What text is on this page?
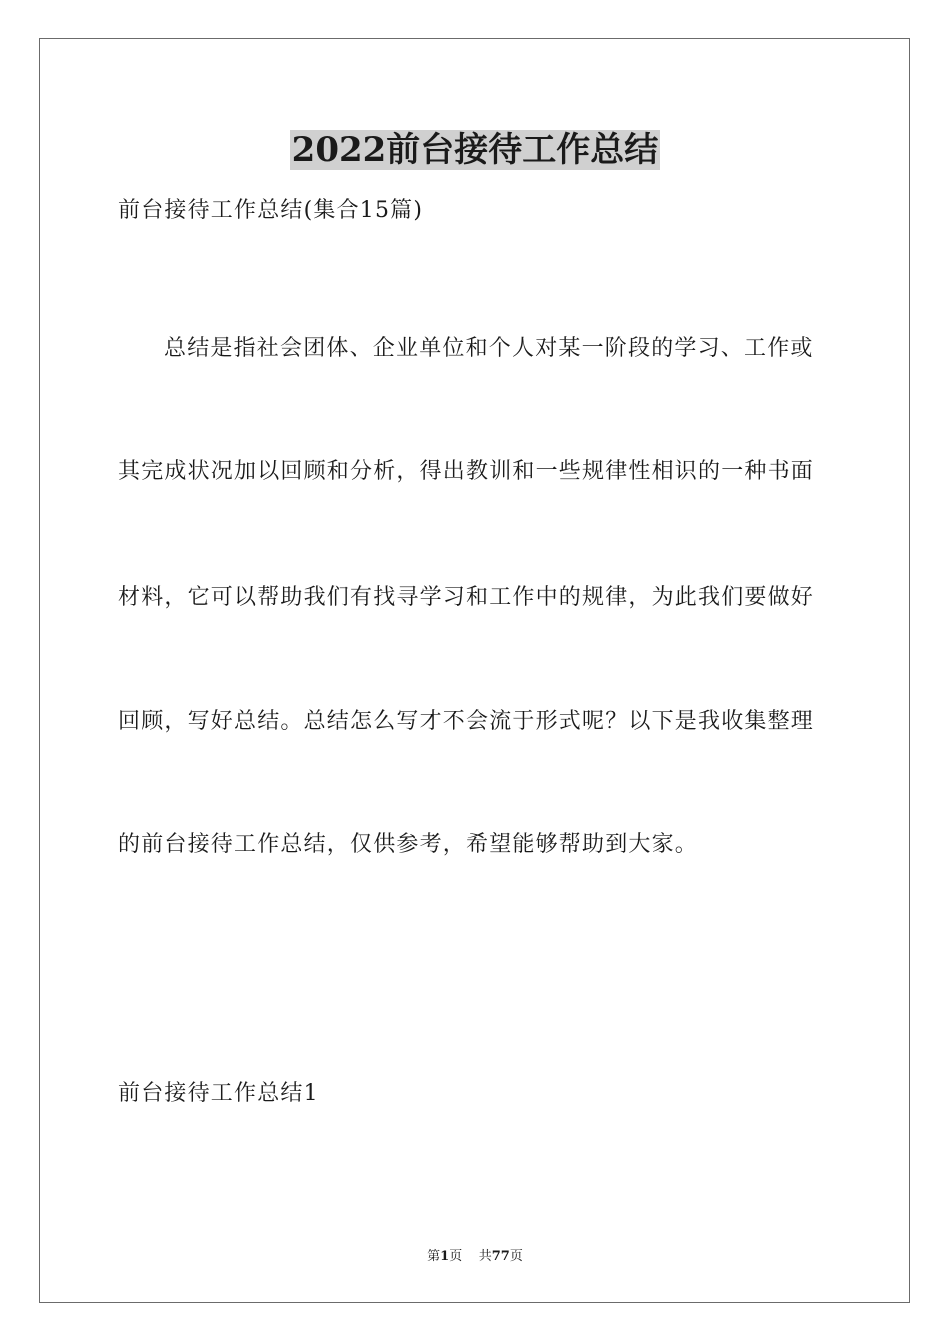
2022前台接待工作总结
前台接待工作总结(集合15篇)
总结是指社会团体、企业单位和个人对某一阶段的学习、工作或
其完成状况加以回顾和分析，得出教训和一些规律性相识的一种书面
材料，它可以帮助我们有找寻学习和工作中的规律，为此我们要做好
回顾，写好总结。总结怎么写才不会流于形式呢？以下是我收集整理
的前台接待工作总结，仅供参考，希望能够帮助到大家。
前台接待工作总结1
第1页 共77页
